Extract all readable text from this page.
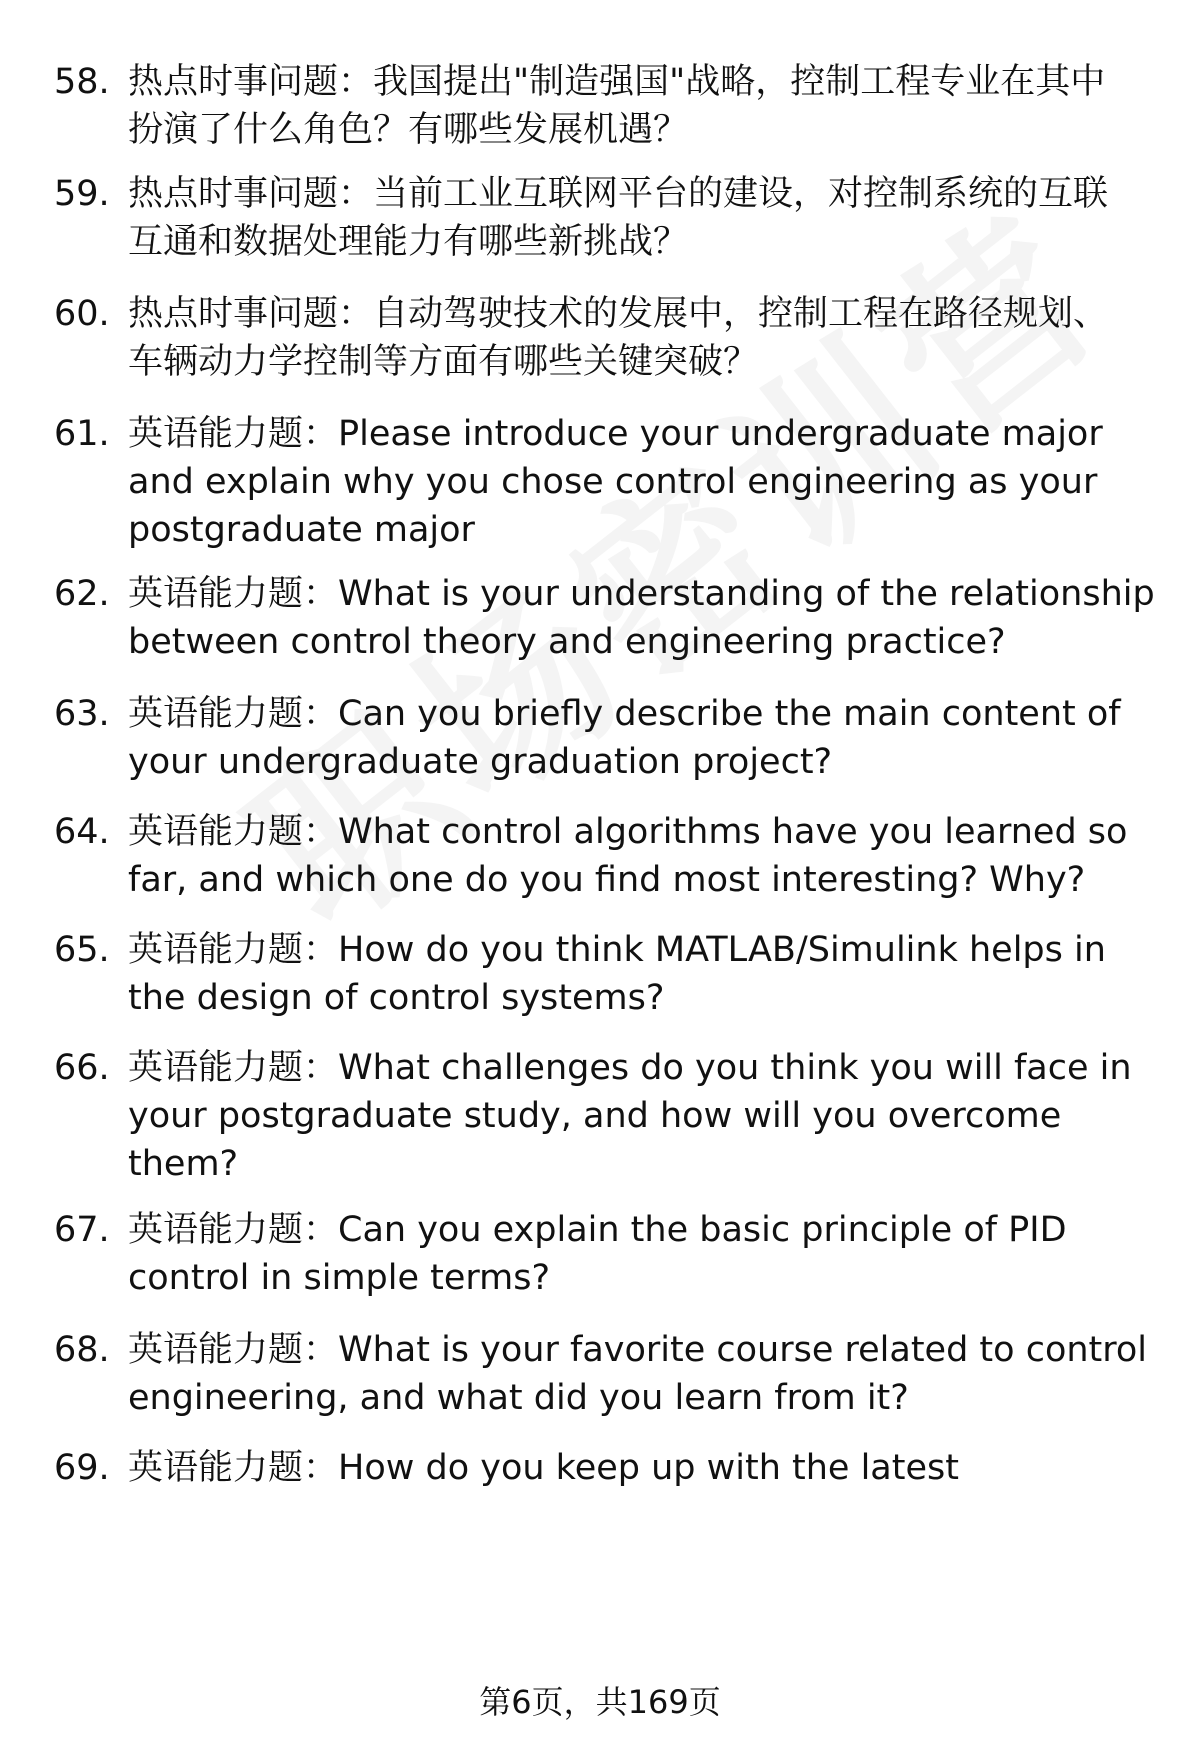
58. 热点时事问题：我国提出"制造强国"战略，控制工程专业在其中
扮演了什么角色？有哪些发展机遇？
59. 热点时事问题：当前工业互联网平台的建设，对控制系统的互联
互通和数据处理能力有哪些新挑战？
60. 热点时事问题：自动驾驶技术的发展中，控制工程在路径规划、
车辆动力学控制等方面有哪些关键突破？
61. 英语能力题：Please introduce your undergraduate major
and explain why you chose control engineering as your
postgraduate major
62. 英语能力题：What is your understanding of the relationship
between control theory and engineering practice?
63. 英语能力题：Can you briefly describe the main content of
your undergraduate graduation project?
64. 英语能力题：What control algorithms have you learned so
far, and which one do you find most interesting? Why?
65. 英语能力题：How do you think MATLAB/Simulink helps in
the design of control systems?
66. 英语能力题：What challenges do you think you will face in
your postgraduate study, and how will you overcome
them?
67. 英语能力题：Can you explain the basic principle of PID
control in simple terms?
68. 英语能力题：What is your favorite course related to control
engineering, and what did you learn from it?
69. 英语能力题：How do you keep up with the latest
第6页，共169页
